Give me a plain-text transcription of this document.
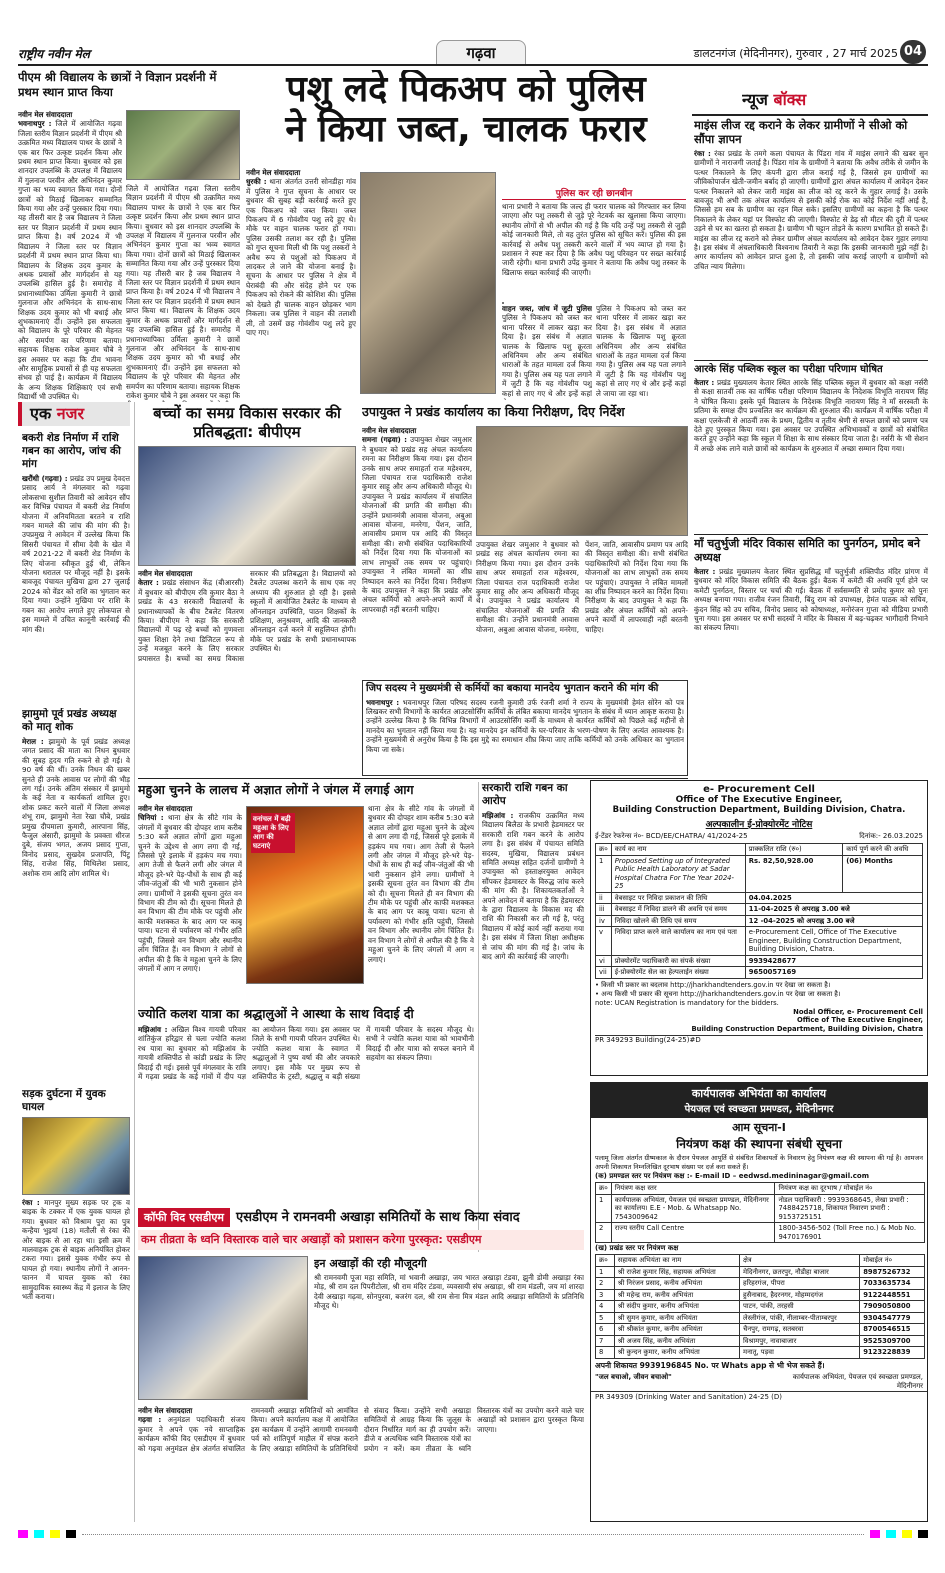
राष्ट्रीय नवीन मेल	गढ़वा	डालटनगंज (मेदिनीनगर), गुरुवार , 27 मार्च 2025 04
पीएम श्री विद्यालय के छात्रों ने विज्ञान प्रदर्शनी में प्रथम स्थान प्राप्त किया
नवीन मेल संवाददाता
भवनाथपुर : जिले में आयोजित गढ़वा जिला स्तरीय विज्ञान प्रदर्शनी में पीएम श्री उत्क्रमित मध्य विद्यालय पाथर के छात्रों ने एक बार फिर उत्कृष्ट प्रदर्शन किया और प्रथम स्थान प्राप्त किया। बुधवार को इस शानदार उपलब्धि के उपलक्ष में विद्यालय में गुलनाज परवीन और अभिनंदन कुमार गुप्ता का भव्य स्वागत किया गया। दोनों छात्रों को मिठाई खिलाकर सम्मानित किया गया और उन्हें पुरस्कार दिया गया। यह तीसरी बार है जब विद्यालय ने जिला स्तर पर विज्ञान प्रदर्शनी में प्रथम स्थान प्राप्त किया है। वर्ष 2024 में भी विद्यालय ने जिला स्तर पर विज्ञान प्रदर्शनी में प्रथम स्थान प्राप्त किया था। विद्यालय के शिक्षक उदय कुमार के अथक प्रयासों और मार्गदर्शन से यह उपलब्धि हासिल हुई है। समारोह में प्रधानाध्यापिका उर्मिला कुमारी ने छात्रों गुलनाज और अभिनंदन के साथ-साथ शिक्षक उदय कुमार को भी बधाई और शुभकामनाएं दीं। उन्होंने इस सफलता को विद्यालय के पूरे परिवार की मेहनत और समर्पण का परिणाम बताया। सहायक शिक्षक राकेश कुमार चौबे ने इस अवसर पर कहा कि टीम भावना और सामूहिक प्रयासों से ही यह सफलता संभव हो पाई है। कार्यक्रम में विद्यालय के अन्य शिक्षक शिक्षिकाएं एवं सभी विद्यार्थी भी उपस्थित थे।
जिले में आयोजित गढ़वा जिला स्तरीय विज्ञान प्रदर्शनी में पीएम श्री उत्क्रमित मध्य विद्यालय पाथर के छात्रों ने एक बार फिर उत्कृष्ट प्रदर्शन किया और प्रथम स्थान प्राप्त किया। बुधवार को इस शानदार उपलब्धि के उपलक्ष में विद्यालय में गुलनाज परवीन और अभिनंदन कुमार गुप्ता का भव्य स्वागत किया गया। दोनों छात्रों को मिठाई खिलाकर सम्मानित किया गया और उन्हें पुरस्कार दिया गया। यह तीसरी बार है जब विद्यालय ने जिला स्तर पर विज्ञान प्रदर्शनी में प्रथम स्थान प्राप्त किया है। वर्ष 2024 में भी विद्यालय ने जिला स्तर पर विज्ञान प्रदर्शनी में प्रथम स्थान प्राप्त किया था। विद्यालय के शिक्षक उदय कुमार के अथक प्रयासों और मार्गदर्शन से यह उपलब्धि हासिल हुई है। समारोह में प्रधानाध्यापिका उर्मिला कुमारी ने छात्रों गुलनाज और अभिनंदन के साथ-साथ शिक्षक उदय कुमार को भी बधाई और शुभकामनाएं दीं। उन्होंने इस सफलता को विद्यालय के पूरे परिवार की मेहनत और समर्पण का परिणाम बताया। सहायक शिक्षक राकेश कुमार चौबे ने इस अवसर पर कहा कि
पशु लदे पिकअप को पुलिस
ने किया जब्त, चालक फरार
नवीन मेल संवाददाता
धुरकी : थाना अंतर्गत उत्तरी सोनडीहा गांव में पुलिस ने गुप्त सूचना के आधार पर बुधवार की सुबह बड़ी कार्रवाई करते हुए एक पिकअप को जब्त किया। जब्त पिकअप में 6 गोवंशीय पशु लदे हुए थे। मौके पर वाहन चालक फरार हो गया। पुलिस उसकी तलाश कर रही है। पुलिस को गुप्त सूचना मिली थी कि पशु तस्करों ने अवैध रूप से पशुओं को पिकअप में लादकर ले जाने की योजना बनाई है। सूचना के आधार पर पुलिस ने क्षेत्र में घेराबंदी की और संदेह होने पर एक पिकअप को रोकने की कोशिश की। पुलिस को देखते ही चालक वाहन छोड़कर भाग निकला। जब पुलिस ने वाहन की तलाशी ली, तो उसमें छह गोवंशीय पशु लदे हुए पाए गए।
पुलिस कर रही छानबीन
थाना प्रभारी ने बताया कि जल्द ही फरार चालक को गिरफ्तार कर लिया जाएगा और पशु तस्करी से जुड़े पूरे नेटवर्क का खुलासा किया जाएगा। स्थानीय लोगों से भी अपील की गई है कि यदि उन्हें पशु तस्करी से जुड़ी कोई जानकारी मिले, तो वह तुरंत पुलिस को सूचित करें। पुलिस की इस कार्रवाई से अवैध पशु तस्करी करने वालों में भय व्याप्त हो गया है। प्रशासन ने स्पष्ट कर दिया है कि अवैध पशु परिवहन पर सख्त कार्रवाई जारी रहेगी। थाना प्रभारी उपेंद्र कुमार ने बताया कि अवैध पशु तस्कर के खिलाफ सख्त कार्रवाई की जाएगी।
वाहन जब्त, जांच में जुटी पुलिस पुलिस ने पिकअप को जब्त कर थाना परिसर में लाकर खड़ा कर दिया है। इस संबंध में अज्ञात चालक के खिलाफ पशु क्रूरता अधिनियम और अन्य संबंधित धाराओं के तहत मामला दर्ज किया गया है। पुलिस अब यह पता लगाने में जुटी है कि यह गोवंशीय पशु कहां से लाए गए थे और इन्हें कहां
पुलिस ने पिकअप को जब्त कर थाना परिसर में लाकर खड़ा कर दिया है। इस संबंध में अज्ञात चालक के खिलाफ पशु क्रूरता अधिनियम और अन्य संबंधित धाराओं के तहत मामला दर्ज किया गया है। पुलिस अब यह पता लगाने में जुटी है कि यह गोवंशीय पशु कहां से लाए गए थे और इन्हें कहां ले जाया जा रहा था।
न्यूज बॉक्स
माइंस लीज रद्द कराने के लेकर ग्रामीणों ने सीओ को सौंपा ज्ञापन
रंका : रंका प्रखंड के तमगे कला पंचायत के पिंडरा गांव में माइंस लगाने की खबर सुन ग्रामीणों ने नाराजगी जताई है। पिंडरा गांव के ग्रामीणों ने बताया कि अवैध तरीके से जमीन के पत्थर निकालने के लिए कंपनी द्वारा लीज कराई गई है, जिससे हम ग्रामीणों का जीविकोपार्जन खेती-जमीन बर्बाद हो जाएगी। ग्रामीणों द्वारा अंचल कार्यालय में आवेदन देकर पत्थर निकालने को लेकर जारी माइंस का लीज को रद्द करने के गुहार लगाई है। उसके बावजूद भी अभी तक अंचल कार्यालय से इसकी कोई रोक का कोई निर्देश नहीं आई है, जिससे हम सब के ग्रामीण का रहन मिल सके। इसलिए ग्रामीणों का कहना है कि पत्थर निकालने के लेकर यहां पर विस्फोट की जाएगी। विस्फोट से डेढ़ सौ मीटर की दूरी में पत्थर उड़ने से घर का खतरा हो सकता है। ग्रामीण भी चट्टान तोड़ने के कारण प्रभावित हो सकते हैं। माइंस का लीज रद्द कराने को लेकर ग्रामीण अंचल कार्यालय को आवेदन देकर गुहार लगाया है। इस संबंध में अंचलाधिकारी विश्वनाथ तिवारी ने कहा कि इसकी जानकारी मुझे नहीं है। अगर कार्यालय को आवेदन प्राप्त हुआ है, तो इसकी जांच कराई जाएगी व ग्रामीणों को उचित न्याय मिलेगा।
आरके सिंह पब्लिक स्कूल का परीक्षा परिणाम घोषित
केतार : प्रखंड मुख्यालय केतार स्थित आरके सिंह पब्लिक स्कूल में बुधवार को कक्षा नर्सरी से कक्षा सातवीं तक का वार्षिक परीक्षा परिणाम विद्यालय के निदेशक विभूति नारायण सिंह ने घोषित किया। इसके पूर्व विद्यालय के निदेशक विभूति नारायण सिंह ने माँ सरस्वती के प्रतिमा के समक्ष दीप प्रज्वलित कर कार्यक्रम की शुरुआत की। कार्यक्रम में वार्षिक परीक्षा में कक्षा एलकेजी से आठवीं तक के प्रथम, द्वितीय व तृतीय श्रेणी से सफल छात्रों को प्रमाण पत्र देते हुए पुरस्कृत किया गया। इस अवसर पर उपस्थित अभिभावकों व छात्रों को संबोधित करते हुए उन्होंने कहा कि स्कूल में शिक्षा के साथ संस्कार दिया जाता है। नर्सरी के भी सेशन में अच्छे अंक लाने वाले छात्रों को कार्यक्रम के शुरुआत में अच्छा सम्मान दिया गया।
माँ चतुर्भुजी मंदिर विकास समिति का पुनर्गठन, प्रमोद बने अध्यक्ष
केतार : प्रखंड मुख्यालय केतार स्थित सुप्रसिद्ध माँ चतुर्भुजी शक्तिपीठ मंदिर प्रांगण में बुधवार को मंदिर विकास समिति की बैठक हुई। बैठक में कमेटी की अवधि पूर्ण होने पर कमेटी पुनर्गठन, विस्तार पर चर्चा की गई। बैठक में सर्वसम्मति से प्रमोद कुमार को पुनः अध्यक्ष बनाया गया। राजीव रंजन तिवारी, बिंदु राम को उपाध्यक्ष, हेमंत पाठक को सचिव, कुंदन सिंह को उप सचिव, विनोद प्रसाद को कोषाध्यक्ष, मनोरंजन गुप्ता को मीडिया प्रभारी चुना गया। इस अवसर पर सभी सदस्यों ने मंदिर के विकास में बढ़-चढ़कर भागीदारी निभाने का संकल्प लिया।
एक नजर
बकरी शेड निर्माण में राशि गबन का आरोप, जांच की मांग
खरौंधी (गढ़वा) : प्रखंड उप प्रमुख देवदत्त प्रसाद आर्य ने मंगलवार को गढ़वा लोकसभा सुशील तिवारी को आवेदन सौंप कर विभिन्न पंचायत में बकरी शेड निर्माण योजना में अनियमितता बरतने व राशि गबन मामले की जांच की मांग की है। उपप्रमुख ने आवेदन में उल्लेख किया कि सिसरी पंचायत में सीमा देवी के खेत में वर्ष 2021-22 में बकरी शेड निर्माण के लिए योजना स्वीकृत हुई थी, लेकिन योजना धरातल पर मौजूद नहीं है। इसके बावजूद पंचायत मुखिया द्वारा 27 जुलाई 2024 को वेंडर को राशि का भुगतान कर दिया गया। उन्होंने मुखिया पर राशि के गबन का आरोप लगाते हुए लोकपाल से इस मामले में उचित कानूनी कार्रवाई की मांग की।
झामुमो पूर्व प्रखंड अध्यक्ष को मातृ शोक
मेराल : झामुमो के पूर्व प्रखंड अध्यक्ष जगत प्रसाद की माता का निधन बुधवार की सुबह हृदय गति रुकने से हो गई। वे 90 वर्ष की थीं। उनके निधन की खबर सुनते ही उनके आवास पर लोगों की भीड़ लग गई। उनके अंतिम संस्कार में झामुमो के कई नेता व कार्यकर्ता शामिल हुए। शोक प्रकट करने वालों में जिला अध्यक्ष शंभू राम, झामुमो नेता रेखा चौबे, प्रखंड प्रमुख दीपमाला कुमारी, आरपाना सिंह, फैजुल अंसारी, झामुमो के प्रवक्ता धीरज दुबे, संजय भगत, अजय प्रसाद गुप्ता, विनोद प्रसाद, सुखदेव प्रजापति, पिंटू सिंह, राजेश सिंह, मिथिलेश प्रसाद, अशोक राम आदि लोग शामिल थे।
सड़क दुर्घटना में युवक घायल
रंका : मानपुर मुख्य सड़क पर ट्रक व बाइक के टक्कर में एक युवक घायल हो गया। बुधवार को विश्राम पुरा का पुत्र कन्हैया भुइयां (18) मतौली से रंका की ओर बाइक से आ रहा था। इसी क्रम में मालवाहक ट्रक से बाइक अनियंत्रित होकर टकरा गया। इससे युवक गंभीर रूप से घायल हो गया। स्थानीय लोगों ने आनन-फानन में घायल युवक को रंका सामुदायिक स्वास्थ्य केंद्र में इलाज के लिए भर्ती कराया।
बच्चों का समग्र विकास सरकार की प्रतिबद्धता: बीपीएम
नवीन मेल संवाददाता
केतार : प्रखंड संसाधन केंद्र (बीआरसी) में बुधवार को बीपीएम रवि कुमार बैठा ने प्रखंड के 43 सरकारी विद्यालयों के प्रधानाध्यापकों के बीच टैबलेट वितरण किया। बीपीएम ने कहा कि सरकारी विद्यालयों में पढ़ रहे बच्चों को गुणवत्ता युक्त शिक्षा देने तथा डिजिटल रूप से उन्हें मजबूत करने के लिए सरकार प्रयासरत है। बच्चों का समग्र विकास सरकार की प्रतिबद्धता है। विद्यालयों को टैबलेट उपलब्ध कराने के साथ एक नए अध्याय की शुरुआत हो रही है। इससे स्कूलों में आयोजित टैबलेट के माध्यम से ऑनलाइन उपस्थिति, पाठन शिक्षकों के प्रशिक्षण, अनुश्रवण, आदि की जानकारी ऑनलाइन दर्ज करने में सहूलियत होगी। मौके पर प्रखंड के सभी प्रधानाध्यापक उपस्थित थे।
उपायुक्त ने प्रखंड कार्यालय का किया निरीक्षण, दिए निर्देश
नवीन मेल संवाददाता
समना (गढ़वा) : उपायुक्त शेखर जमुआर ने बुधवार को प्रखंड सह अंचल कार्यालय रमना का निरीक्षण किया गया। इस दौरान उनके साथ अपर समाहर्ता राज महेश्वरम, जिला पंचायत राज पदाधिकारी राजेश कुमार साहू और अन्य अधिकारी मौजूद थे। उपायुक्त ने प्रखंड कार्यालय में संचालित योजनाओं की प्रगति की समीक्षा की। उन्होंने प्रधानमंत्री आवास योजना, अबुआ आवास योजना, मनरेगा, पेंशन, जाति, आवासीय प्रमाण पत्र आदि की विस्तृत समीक्षा की। सभी संबंधित पदाधिकारियों को निर्देश दिया गया कि योजनाओं का लाभ लाभुकों तक समय पर पहुंचाएं। उपायुक्त ने लंबित मामलों का शीघ्र निष्पादन करने का निर्देश दिया। निरीक्षण के बाद उपायुक्त ने कहा कि प्रखंड और अंचल कर्मियों को अपने-अपने कार्यों में लापरवाही नहीं बरतनी चाहिए।
उपायुक्त शेखर जमुआर ने बुधवार को प्रखंड सह अंचल कार्यालय रमना का निरीक्षण किया गया। इस दौरान उनके साथ अपर समाहर्ता राज महेश्वरम, जिला पंचायत राज पदाधिकारी राजेश कुमार साहू और अन्य अधिकारी मौजूद थे। उपायुक्त ने प्रखंड कार्यालय में संचालित योजनाओं की प्रगति की समीक्षा की। उन्होंने प्रधानमंत्री आवास योजना, अबुआ आवास योजना, मनरेगा, पेंशन, जाति, आवासीय प्रमाण पत्र आदि की विस्तृत समीक्षा की। सभी संबंधित पदाधिकारियों को निर्देश दिया गया कि योजनाओं का लाभ लाभुकों तक समय पर पहुंचाएं। उपायुक्त ने लंबित मामलों का शीघ्र निष्पादन करने का निर्देश दिया। निरीक्षण के बाद उपायुक्त ने कहा कि प्रखंड और अंचल कर्मियों को अपने-अपने कार्यों में लापरवाही नहीं बरतनी चाहिए।
जिप सदस्य ने मुख्यमंत्री से कर्मियों का बकाया मानदेय भुगतान कराने की मांग की
भवनाथपुर : भवनाथपुर जिला परिषद सदस्य रजनी कुमारी उर्फ रंजनी शर्मा ने राज्य के मुख्यमंत्री हेमंत सोरेन को पत्र लिखकर सभी विभागों के कार्यरत आउटसोर्सिंग कर्मियों के लंबित बकाया मानदेय भुगतान के संबंध में ध्यान आकृष्ट कराया है। उन्होंने उल्लेख किया है कि विभिन्न विभागों में आउटसोर्सिंग कर्मी के माध्यम से कार्यरत कर्मियों को पिछले कई महीनों से मानदेय का भुगतान नहीं किया गया है। यह मानदेय इन कर्मियों के घर-परिवार के भरण-पोषण के लिए अत्यंत आवश्यक है। उन्होंने मुख्यमंत्री से अनुरोध किया है कि इस मुद्दे का समाधान शीघ्र किया जाए ताकि कर्मियों को उनके अधिकार का भुगतान किया जा सके।
महुआ चुनने के लालच में अज्ञात लोगों ने जंगल में लगाई आग
नवीन मेल संवाददाता
चिनियां : थाना क्षेत्र के सीटे गांव के जंगलों में बुधवार की दोपहर शाम करीब 5:30 बजे अज्ञात लोगों द्वारा महुआ चुनने के उद्देश्य से आग लगा दी गई, जिससे पूरे इलाके में हड़कंप मच गया। आग तेजी से फैलने लगी और जंगल में मौजूद हरे-भरे पेड़-पौधों के साथ ही कई जीव-जंतुओं की भी भारी नुकसान होने लगा। ग्रामीणों ने इसकी सूचना तुरंत वन विभाग की टीम को दी। सूचना मिलते ही वन विभाग की टीम मौके पर पहुंची और काफी मशक्कत के बाद आग पर काबू पाया। घटना से पर्यावरण को गंभीर क्षति पहुंची, जिससे वन विभाग और स्थानीय लोग चिंतित हैं। वन विभाग ने लोगों से अपील की है कि वे महुआ चुनने के लिए जंगलों में आग न लगाएं।
वनांचल में बढ़ी महुआ के लिए आग की घटनाएं
थाना क्षेत्र के सीटे गांव के जंगलों में बुधवार की दोपहर शाम करीब 5:30 बजे अज्ञात लोगों द्वारा महुआ चुनने के उद्देश्य से आग लगा दी गई, जिससे पूरे इलाके में हड़कंप मच गया। आग तेजी से फैलने लगी और जंगल में मौजूद हरे-भरे पेड़-पौधों के साथ ही कई जीव-जंतुओं की भी भारी नुकसान होने लगा। ग्रामीणों ने इसकी सूचना तुरंत वन विभाग की टीम को दी। सूचना मिलते ही वन विभाग की टीम मौके पर पहुंची और काफी मशक्कत के बाद आग पर काबू पाया। घटना से पर्यावरण को गंभीर क्षति पहुंची, जिससे वन विभाग और स्थानीय लोग चिंतित हैं। वन विभाग ने लोगों से अपील की है कि वे महुआ चुनने के लिए जंगलों में आग न लगाएं।
सरकारी राशि गबन का आरोप
मझिआंव : राजकीय उत्क्रमित मध्य विद्यालय बिलैठा के प्रभारी हेडमास्टर पर सरकारी राशि गबन करने के आरोप लगा है। इस संबंध में पंचायत समिति सदस्य, मुखिया, विद्यालय प्रबंधन समिति अध्यक्ष सहित दर्जनों ग्रामीणों ने उपायुक्त को हस्ताक्षरयुक्त आवेदन सौंपकर हेडमास्टर के विरुद्ध जांच करने की मांग की है। शिकायतकर्ताओं ने अपने आवेदन में बताया है कि हेडमास्टर के द्वारा विद्यालय के विकास मद की राशि की निकासी कर ली गई है, परंतु विद्यालय में कोई कार्य नहीं कराया गया है। इस संबंध में जिला शिक्षा अधीक्षक से जांच की मांग की गई है। जांच के बाद आगे की कार्रवाई की जाएगी।
ज्योति कलश यात्रा का श्रद्धालुओं ने आस्था के साथ विदाई दी
मझिआंव : अखिल विश्व गायत्री परिवार शांतिकुंज हरिद्वार से चला ज्योति कलश रथ यात्रा का बुधवार को मझिआंव के गायत्री शक्तिपीठ से कांडी प्रखंड के लिए विदाई दी गई। इससे पूर्व मंगलवार के रात्रि में गढ़वा प्रखंड के कई गांवों में दीप यज्ञ का आयोजन किया गया। इस अवसर पर जिले के सभी गायत्री परिजन उपस्थित थे। ज्योति कलश यात्रा के स्वागत में श्रद्धालुओं ने पुष्प वर्षा की और जयकारे लगाए। इस मौके पर मुख्य रूप से शक्तिपीठ के ट्रस्टी, श्रद्धालु व बड़ी संख्या में गायत्री परिवार के सदस्य मौजूद थे। सभी ने ज्योति कलश यात्रा को भावभीनी विदाई दी और यात्रा को सफल बनाने में सहयोग का संकल्प लिया।
e- Procurement Cell
Office of The Executive Engineer,
Building Construction Department, Building Division, Chatra.
अल्पकालीन ई-प्रोक्योरमेंट नोटिस
ई-टेंडर रेफरेन्स नं०- BCD/EE/CHATRA/ 41/2024-25	दिनांक:- 26.03.2025
क्र०	कार्य का नाम	प्राक्कलित राशि (रु०)	कार्य पूर्ण करने की अवधि
1	Proposed Setting up of Integrated Public Health Laboratory at Sadar Hospital Chatra For The Year 2024-25	Rs. 82,50,928.00	(06) Months
ii	वेबसाइट पर निविदा प्रकाशन की तिथि	04.04.2025	
iii	वेबसाइट में निविदा डालने की अवधि एवं समय	11-04-2025 से अपराह्न 3.00 बजे	
iv	निविदा खोलने की तिथि एवं समय	12 -04-2025 को अपराह्न 3.00 बजे	
v	निविदा प्राप्त करने वाले कार्यालय का नाम एवं पता	e-Procurement Cell, Office of The Executive Engineer, Building Construction Department, Building Division, Chatra.	
vi	प्रोक्योरमेंट पदाधिकारी का संपर्क संख्या	9939428677	
vii	ई-प्रोक्योरमेंट सेल का हेल्पलाईन संख्या	9650057169	
• किसी भी प्रकार का बदलाव http://jharkhandtenders.gov.in पर देखा जा सकता है।
• अन्य किसी भी प्रकार की सूचना http://jharkhandtenders.gov.in पर देखा जा सकता है।
note: UCAN Registration is mandatory for the bidders.
Nodal Officer, e- Procurement Cell
Office of The Executive Engineer,
Building Construction Department, Building Division, Chatra
PR 349293 Building(24-25)#D
कॉफी विद एसडीएम एसडीएम ने रामनवमी अखाड़ा समितियों के साथ किया संवाद
कम तीव्रता के ध्वनि विस्तारक वाले चार अखाड़ों को प्रशासन करेगा पुरस्कृत: एसडीएम
इन अखाड़ों की रही मौजूदगी
श्री रामनवमी पूजा महा समिति, मां भवानी अखाड़ा, जय भारत अखाड़ा टंडवा, झुनी डोमी अखाड़ा रंका मोड़, श्री राम दल पिपरीटोला, श्री राम मंदिर टंडवा, व्यवसायी संघ अखाड़ा, श्री राम मंडली, जय मां शारदा देवी अखाड़ा गढ़वा, सोनपुरवा, बजरंग दल, श्री राम सेना मित्र मंडल आदि अखाड़ा समितियों के प्रतिनिधि मौजूद थे।
नवीन मेल संवाददाता
गढ़वा : अनुमंडल पदाधिकारी संजय कुमार ने अपने एक नये साप्ताहिक कार्यक्रम कॉफी विद एसडीएम में बुधवार को गढ़वा अनुमंडल क्षेत्र अंतर्गत संचालित रामनवमी अखाड़ा समितियों को आमंत्रित किया। अपने कार्यालय कक्ष में आयोजित इस कार्यक्रम में उन्होंने आगामी रामनवमी पर्व को शांतिपूर्ण माहौल में संपन्न कराने के लिए अखाड़ा समितियों के प्रतिनिधियों से संवाद किया। उन्होंने सभी अखाड़ा समितियों से आग्रह किया कि जुलूस के दौरान निर्धारित मार्ग का ही उपयोग करें। डीजे व अत्यधिक ध्वनि विस्तारक यंत्रों का प्रयोग न करें। कम तीव्रता के ध्वनि विस्तारक यंत्रों का उपयोग करने वाले चार अखाड़ों को प्रशासन द्वारा पुरस्कृत किया जाएगा।
कार्यपालक अभियंता का कार्यालय
पेयजल एवं स्वच्छता प्रमण्डल, मेदिनीनगर
आम सूचना-I
नियंत्रण कक्ष की स्थापना संबंधी सूचना
पलामू जिला अंतर्गत ग्रीष्मकाल के दौरान पेयजल आपूर्ति से संबंधित शिकायतों के निवारण हेतु नियंत्रण कक्ष की स्थापना की गई है। आमजन अपनी शिकायत निम्नलिखित दूरभाष संख्या पर दर्ज करा सकते हैं।
(क) प्रमण्डल स्तर पर नियंत्रण कक्ष :- E-mail ID – eedwsd.medininagar@gmail.com
क्र०	नियंत्रण कक्ष स्तर	नियंत्रण कक्ष का दूरभाष / मोबाईल नं०
1	कार्यपालक अभियंता, पेयजल एवं स्वच्छता प्रमण्डल, मेदिनीनगर का कार्यालय। E.E - Mob. & Whatsapp No. 7543009642	नोडल पदाधिकारी : 9939368645, लेखा प्रभारी : 7488425718, शिकायत निवारण प्रभारी : 9153725151
2	राज्य स्तरीय Call Centre	1800-3456-502 (Toll Free no.) & Mob No. 9470176901
(ख) प्रखंड स्तर पर नियंत्रण कक्ष
क्र०	सहायक अभियंता का नाम	क्षेत्र	मोबाईल नं०
1	श्री राजेश कुमार सिंह, सहायक अभियंता	मेदिनीनगर, छतरपुर, नौडीहा बाजार	8987526732
2	श्री निरंजन प्रसाद, कनीय अभियंता	हरिहरगंज, पीपरा	7033635734
3	श्री महेन्द्र राम, कनीय अभियंता	हुसैनाबाद, हैदरनगर, मोहम्मदगंज	9122448551
4	श्री संदीप कुमार, कनीय अभियंता	पाटन, पांकी, तरहसी	7909050800
5	श्री सुमन कुमार, कनीय अभियंता	लेस्लीगंज, पांकी, नीलाम्बर-पीताम्बरपुर	9304547779
6	श्री श्रीकांत कुमार, कनीय अभियंता	चैनपुर, रामगढ़, सतबरवा	8700546515
7	श्री अजय सिंह, कनीय अभियंता	विश्रामपुर, नावाबाजार	9525309700
8	श्री कुन्दन कुमार, कनीय अभियंता	मनातू, पड़वा	9123228839
अपनी शिकायत 9939196845 No. पर Whats app से भी भेज सकते हैं।
"जल बचाओ, जीवन बचाओ"	कार्यपालक अभियंता, पेयजल एवं स्वच्छता प्रमण्डल, मेदिनीनगर
PR 349309 (Drinking Water and Sanitation) 24-25 (D)
